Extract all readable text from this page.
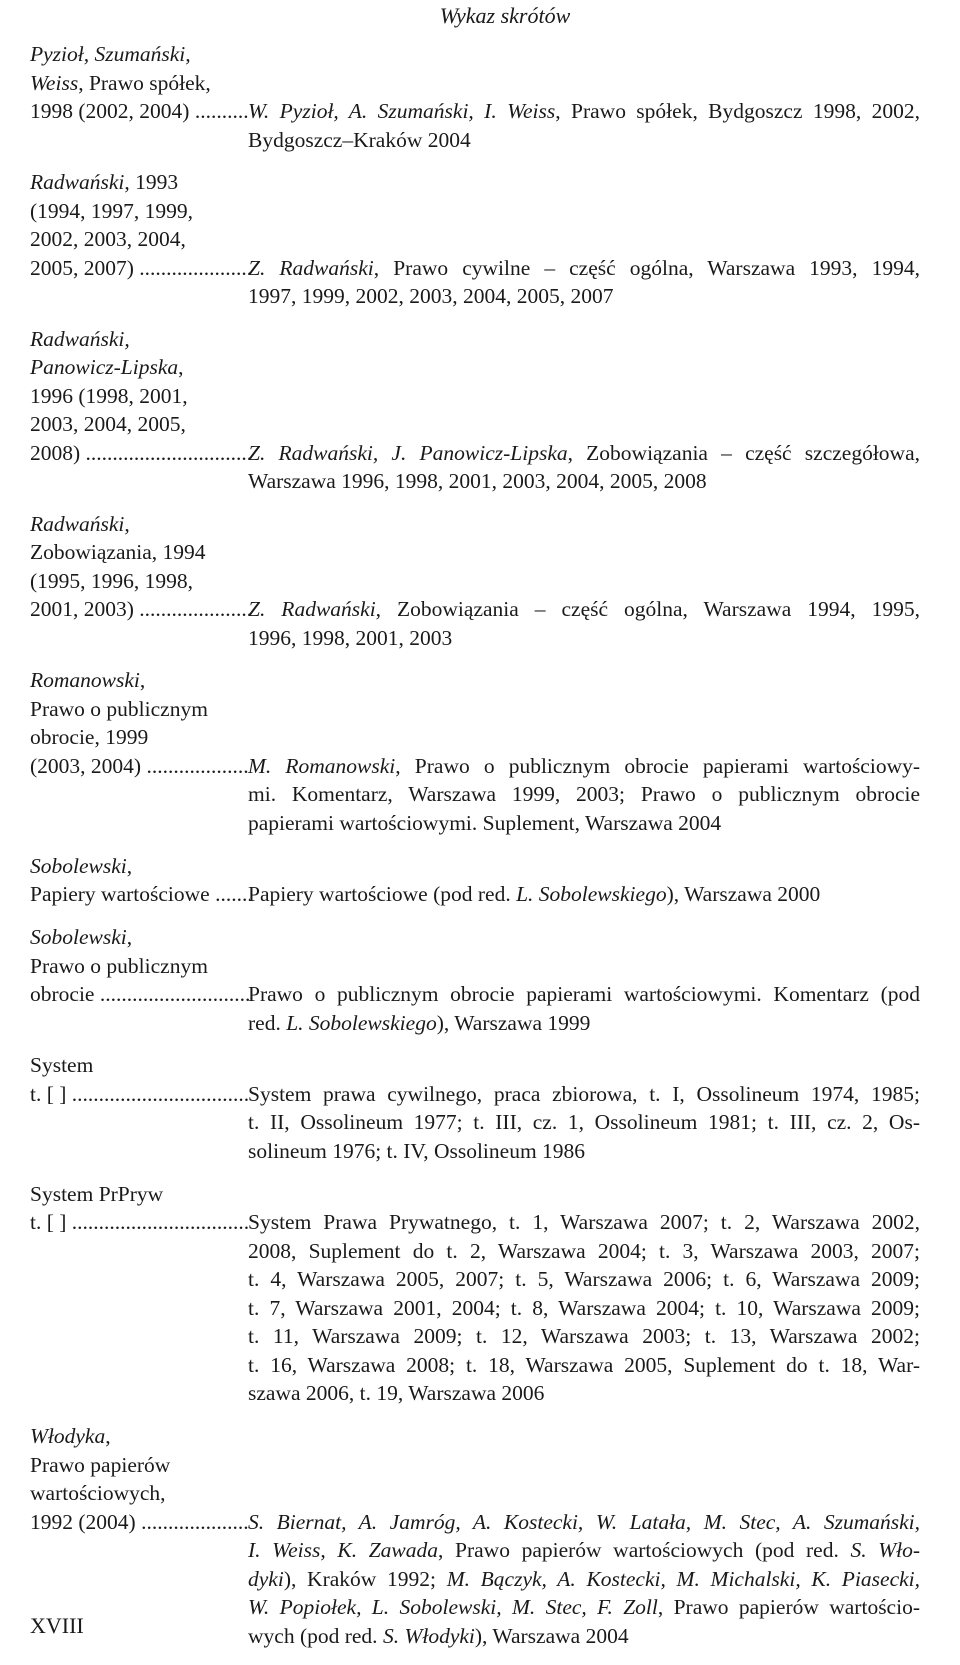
Wykaz skrótów
Pyzioł, Szumański,
Weiss, Prawo spółek,
1998 (2002, 2004) .....	W. Pyzioł, A. Szumański, I. Weiss, Prawo spółek, Bydgoszcz 1998, 2002,
Bydgoszcz–Kraków 2004
Radwański, 1993
(1994, 1997, 1999,
2002, 2003, 2004,
2005, 2007) .....	Z. Radwański, Prawo cywilne – część ogólna, Warszawa 1993, 1994,
1997, 1999, 2002, 2003, 2004, 2005, 2007
Radwański,
Panowicz-Lipska,
1996 (1998, 2001,
2003, 2004, 2005,
2008) .....	Z. Radwański, J. Panowicz-Lipska, Zobowiązania – część szczegółowa,
Warszawa 1996, 1998, 2001, 2003, 2004, 2005, 2008
Radwański,
Zobowiązania, 1994
(1995, 1996, 1998,
2001, 2003) .....	Z. Radwański, Zobowiązania – część ogólna, Warszawa 1994, 1995,
1996, 1998, 2001, 2003
Romanowski,
Prawo o publicznym
obrocie, 1999
(2003, 2004) .....	M. Romanowski, Prawo o publicznym obrocie papierami wartościowy-
mi. Komentarz, Warszawa 1999, 2003; Prawo o publicznym obrocie
papierami wartościowymi. Suplement, Warszawa 2004
Sobolewski,
Papiery wartościowe .....	Papiery wartościowe (pod red. L. Sobolewskiego), Warszawa 2000
Sobolewski,
Prawo o publicznym
obrocie .....	Prawo o publicznym obrocie papierami wartościowymi. Komentarz (pod
red. L. Sobolewskiego), Warszawa 1999
System
t. [ ] .....	System prawa cywilnego, praca zbiorowa, t. I, Ossolineum 1974, 1985;
t. II, Ossolineum 1977; t. III, cz. 1, Ossolineum 1981; t. III, cz. 2, Os-
solineum 1976; t. IV, Ossolineum 1986
System PrPryw
t. [ ] .....	System Prawa Prywatnego, t. 1, Warszawa 2007; t. 2, Warszawa 2002,
2008, Suplement do t. 2, Warszawa 2004; t. 3, Warszawa 2003, 2007;
t. 4, Warszawa 2005, 2007; t. 5, Warszawa 2006; t. 6, Warszawa 2009;
t. 7, Warszawa 2001, 2004; t. 8, Warszawa 2004; t. 10, Warszawa 2009;
t. 11, Warszawa 2009; t. 12, Warszawa 2003; t. 13, Warszawa 2002;
t. 16, Warszawa 2008; t. 18, Warszawa 2005, Suplement do t. 18, War-
szawa 2006, t. 19, Warszawa 2006
Włodyka,
Prawo papierów
wartościowych,
1992 (2004) .....	S. Biernat, A. Jamróg, A. Kostecki, W. Latała, M. Stec, A. Szumański,
I. Weiss, K. Zawada, Prawo papierów wartościowych (pod red. S. Wło-
dyki), Kraków 1992; M. Bączyk, A. Kostecki, M. Michalski, K. Piasecki,
W. Popiołek, L. Sobolewski, M. Stec, F. Zoll, Prawo papierów wartościo-
wych (pod red. S. Włodyki), Warszawa 2004
XVIII
